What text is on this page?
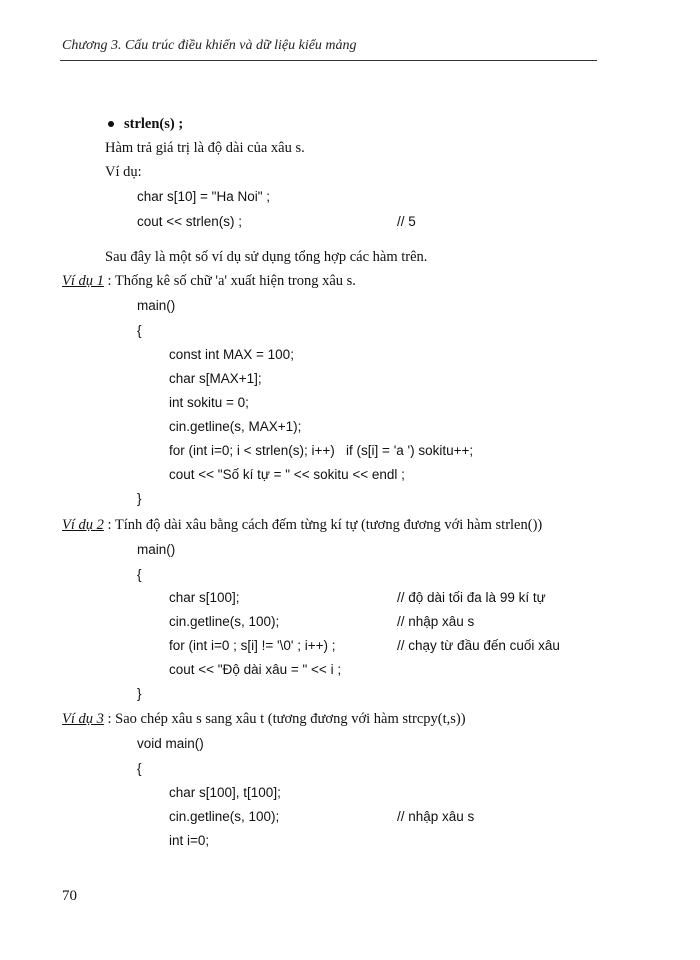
Chương 3. Cấu trúc điều khiển và dữ liệu kiểu mảng
strlen(s) ;
Hàm trả giá trị là độ dài của xâu s.
Ví dụ:
char s[10] = "Ha Noi" ;
cout << strlen(s) ;	// 5
Sau đây là một số ví dụ sử dụng tổng hợp các hàm trên.
Ví dụ 1 : Thống kê số chữ 'a' xuất hiện trong xâu s.
main()
{
const int MAX = 100;
char s[MAX+1];
int sokitu = 0;
cin.getline(s, MAX+1);
for (int i=0; i < strlen(s); i++)   if (s[i] = 'a ') sokitu++;
cout << "Số kí tự = " << sokitu << endl ;
}
Ví dụ 2 : Tính độ dài xâu bằng cách đếm từng kí tự (tương đương với hàm strlen())
main()
{
char s[100];	// độ dài tối đa là 99 kí tự
cin.getline(s, 100);	// nhập xâu s
for (int i=0 ; s[i] != '\0' ; i++) ;	// chạy từ đầu đến cuối xâu
cout << "Độ dài xâu = " << i ;
}
Ví dụ 3 : Sao chép xâu s sang xâu t (tương đương với hàm strcpy(t,s))
void main()
{
char s[100], t[100];
cin.getline(s, 100);	// nhập xâu s
int i=0;
70
